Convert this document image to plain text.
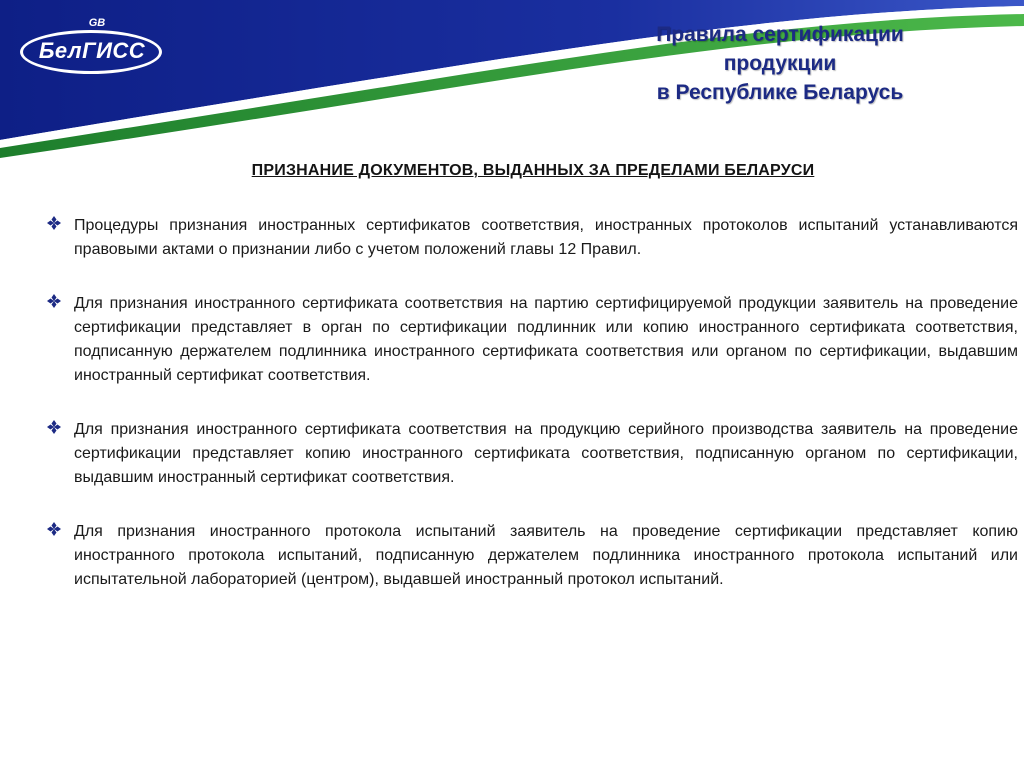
GB
БелГИСС
Правила сертификации
продукции
в Республике Беларусь
ПРИЗНАНИЕ ДОКУМЕНТОВ, ВЫДАННЫХ ЗА ПРЕДЕЛАМИ БЕЛАРУСИ
Процедуры признания иностранных сертификатов соответствия, иностранных протоколов испытаний устанавливаются правовыми актами о признании либо с учетом положений главы 12 Правил.
Для признания иностранного сертификата соответствия на партию сертифицируемой продукции заявитель на проведение сертификации представляет в орган по сертификации подлинник или копию иностранного сертификата соответствия, подписанную держателем подлинника иностранного сертификата соответствия или органом по сертификации, выдавшим иностранный сертификат соответствия.
Для признания иностранного сертификата соответствия на продукцию серийного производства заявитель на проведение сертификации представляет копию иностранного сертификата соответствия, подписанную органом по сертификации, выдавшим иностранный сертификат соответствия.
Для признания иностранного протокола испытаний заявитель на проведение сертификации представляет копию иностранного протокола испытаний, подписанную держателем подлинника иностранного протокола испытаний или испытательной лабораторией (центром), выдавшей иностранный протокол испытаний.
